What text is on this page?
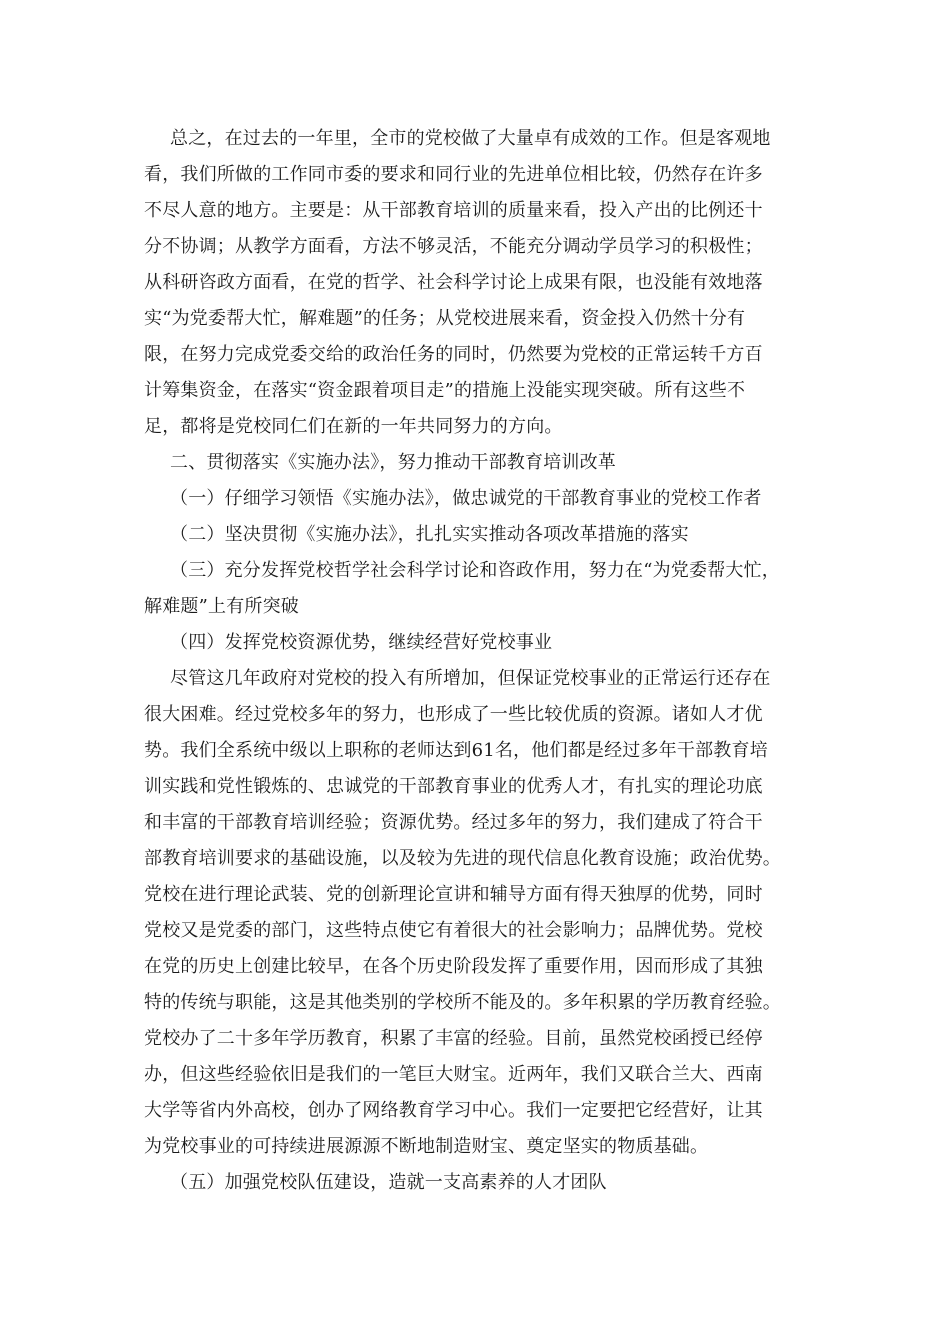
总之，在过去的一年里，全市的党校做了大量卓有成效的工作。但是客观地
看，我们所做的工作同市委的要求和同行业的先进单位相比较，仍然存在许多
不尽人意的地方。主要是：从干部教育培训的质量来看，投入产出的比例还十
分不协调；从教学方面看，方法不够灵活，不能充分调动学员学习的积极性；
从科研咨政方面看，在党的哲学、社会科学讨论上成果有限，也没能有效地落
实“为党委帮大忙，解难题”的任务；从党校进展来看，资金投入仍然十分有
限，在努力完成党委交给的政治任务的同时，仍然要为党校的正常运转千方百
计筹集资金，在落实“资金跟着项目走”的措施上没能实现突破。所有这些不
足，都将是党校同仁们在新的一年共同努力的方向。
二、贯彻落实《实施办法》，努力推动干部教育培训改革
（一）仔细学习领悟《实施办法》，做忠诚党的干部教育事业的党校工作者
（二）坚决贯彻《实施办法》，扎扎实实推动各项改革措施的落实
（三）充分发挥党校哲学社会科学讨论和咨政作用，努力在“为党委帮大忙，
解难题”上有所突破
（四）发挥党校资源优势，继续经营好党校事业
尽管这几年政府对党校的投入有所增加，但保证党校事业的正常运行还存在
很大困难。经过党校多年的努力，也形成了一些比较优质的资源。诸如人才优
势。我们全系统中级以上职称的老师达到61名，他们都是经过多年干部教育培
训实践和党性锻炼的、忠诚党的干部教育事业的优秀人才，有扎实的理论功底
和丰富的干部教育培训经验；资源优势。经过多年的努力，我们建成了符合干
部教育培训要求的基础设施，以及较为先进的现代信息化教育设施；政治优势。
党校在进行理论武装、党的创新理论宣讲和辅导方面有得天独厚的优势，同时
党校又是党委的部门，这些特点使它有着很大的社会影响力；品牌优势。党校
在党的历史上创建比较早，在各个历史阶段发挥了重要作用，因而形成了其独
特的传统与职能，这是其他类别的学校所不能及的。多年积累的学历教育经验。
党校办了二十多年学历教育，积累了丰富的经验。目前，虽然党校函授已经停
办，但这些经验依旧是我们的一笔巨大财宝。近两年，我们又联合兰大、西南
大学等省内外高校，创办了网络教育学习中心。我们一定要把它经营好，让其
为党校事业的可持续进展源源不断地制造财宝、奠定坚实的物质基础。
（五）加强党校队伍建设，造就一支高素养的人才团队
